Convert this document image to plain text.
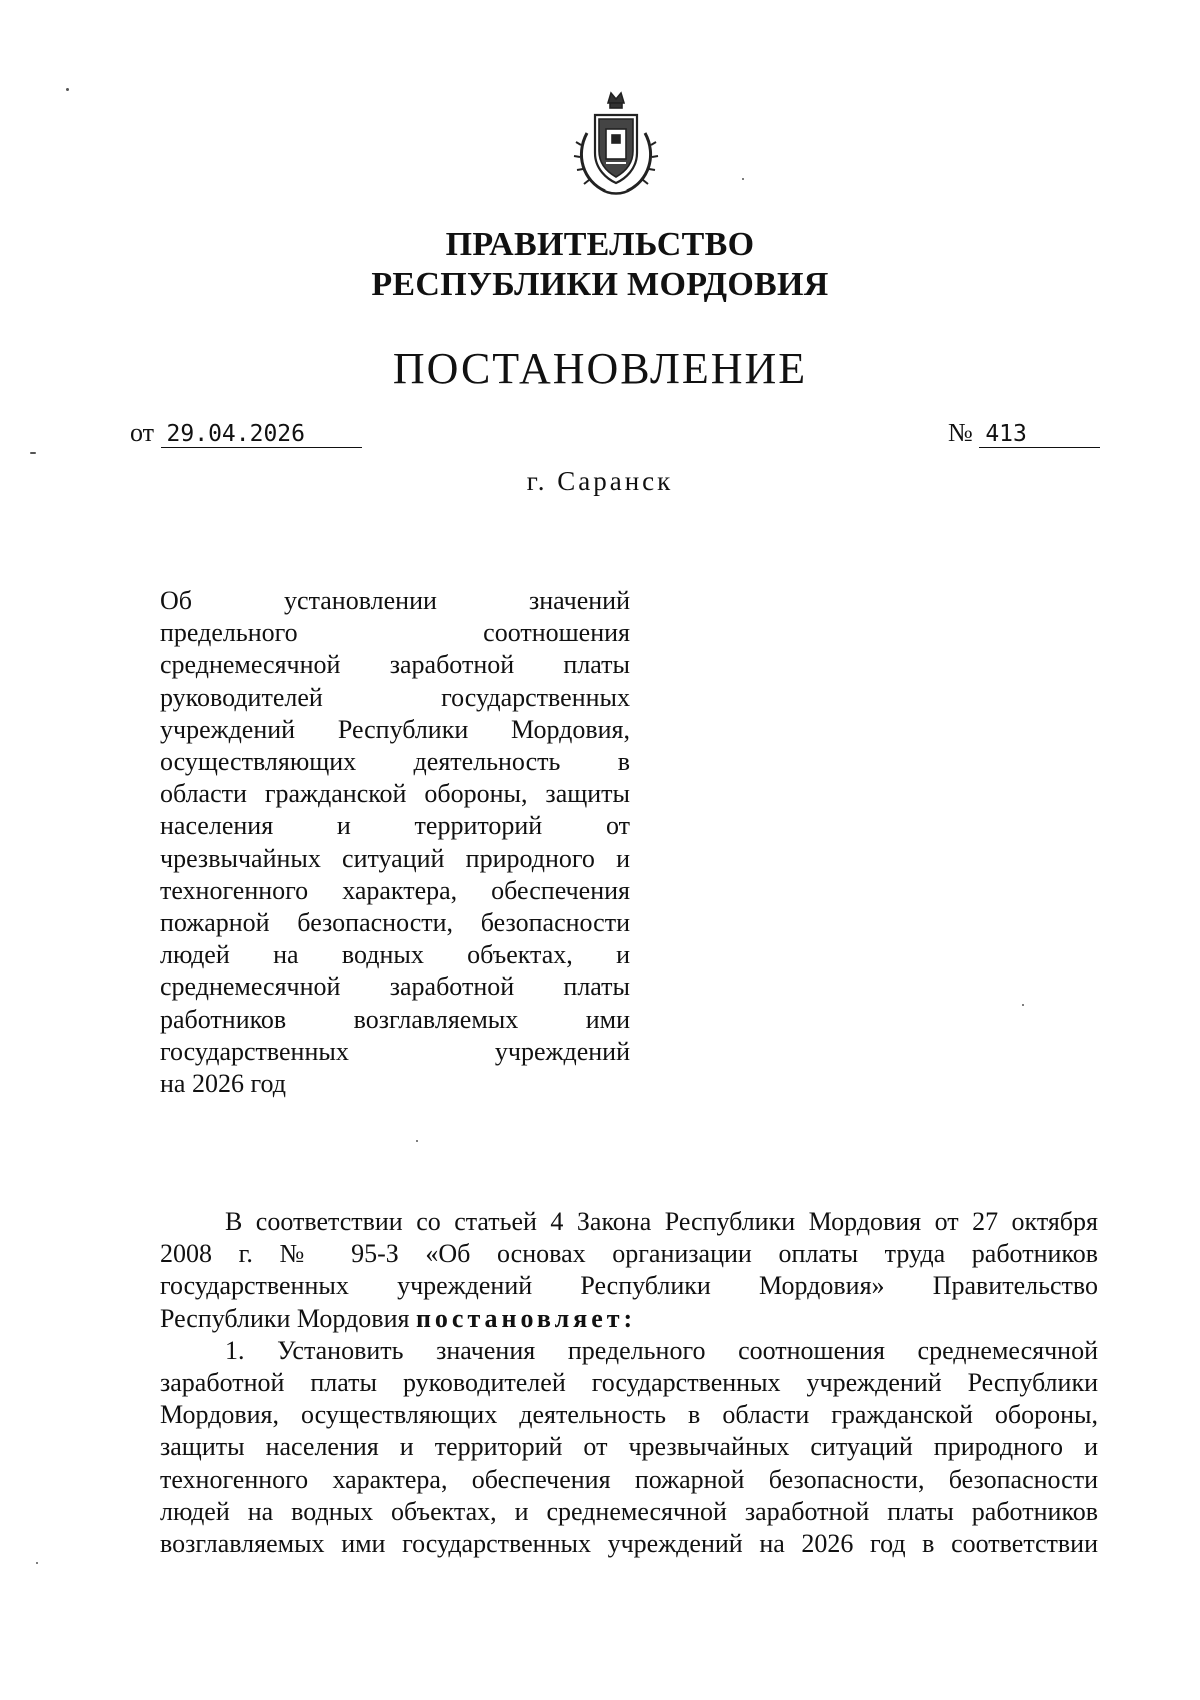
ПРАВИТЕЛЬСТВО
РЕСПУБЛИКИ МОРДОВИЯ
ПОСТАНОВЛЕНИЕ
от 29.04.2026	№ 413
г. Саранск
Об установлении значений
предельного соотношения
среднемесячной заработной платы
руководителей государственных
учреждений Республики Мордовия,
осуществляющих деятельность в
области гражданской обороны, защиты
населения и территорий от
чрезвычайных ситуаций природного и
техногенного характера, обеспечения
пожарной безопасности, безопасности
людей на водных объектах, и
среднемесячной заработной платы
работников возглавляемых ими
государственных учреждений
на 2026 год
В соответствии со статьей 4 Закона Республики Мордовия от 27 октября
2008 г. № 95-З «Об основах организации оплаты труда работников
государственных учреждений Республики Мордовия» Правительство
Республики Мордовия постановляет:
1. Установить значения предельного соотношения среднемесячной
заработной платы руководителей государственных учреждений Республики
Мордовия, осуществляющих деятельность в области гражданской обороны,
защиты населения и территорий от чрезвычайных ситуаций природного и
техногенного характера, обеспечения пожарной безопасности, безопасности
людей на водных объектах, и среднемесячной заработной платы работников
возглавляемых ими государственных учреждений на 2026 год в соответствии
